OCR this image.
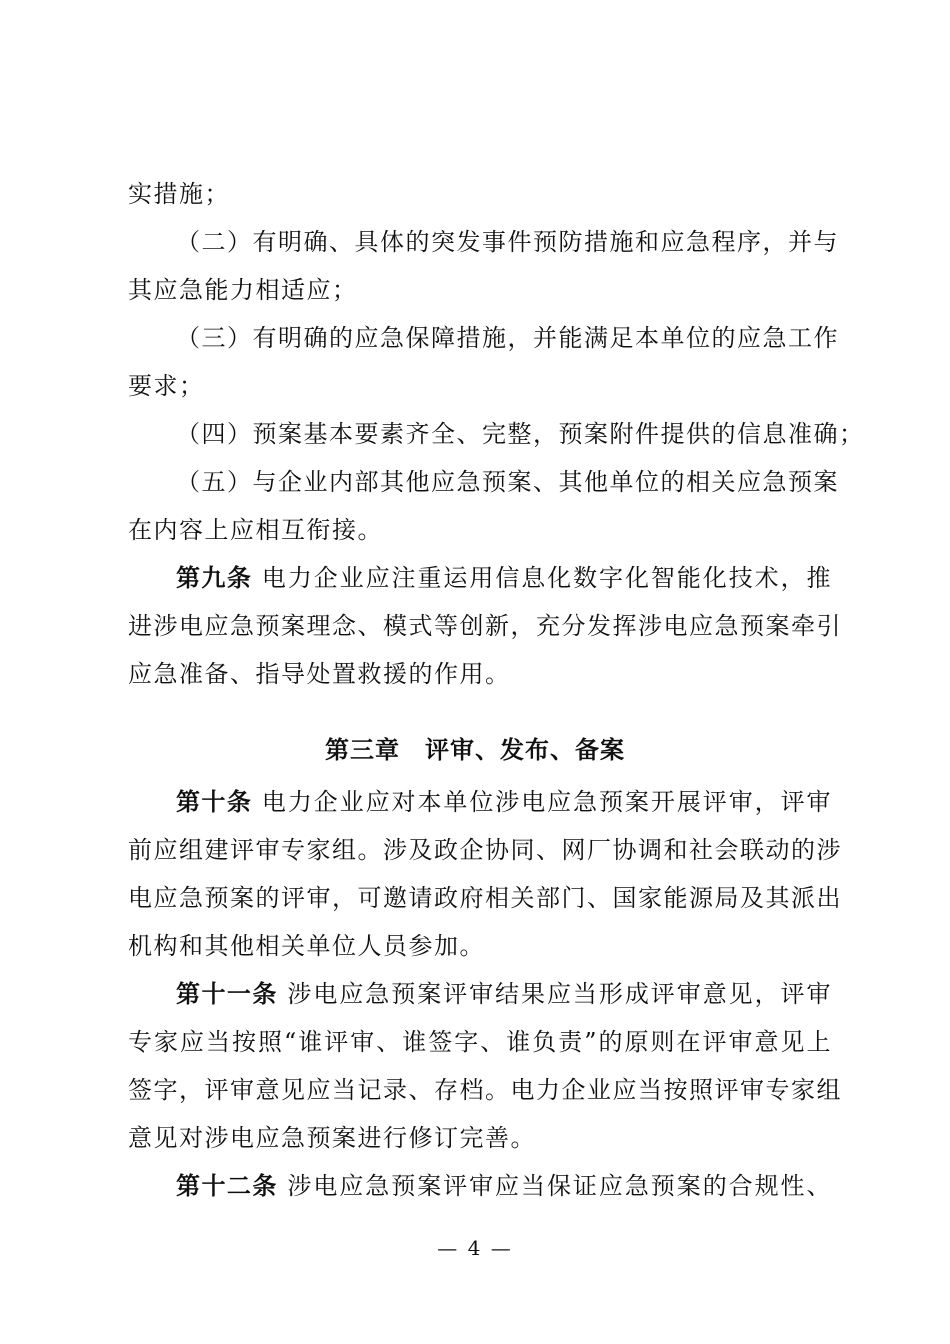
实措施；
（二）有明确、具体的突发事件预防措施和应急程序，并与
其应急能力相适应；
（三）有明确的应急保障措施，并能满足本单位的应急工作
要求；
（四）预案基本要素齐全、完整，预案附件提供的信息准确；
（五）与企业内部其他应急预案、其他单位的相关应急预案
在内容上应相互衔接。
第九条 电力企业应注重运用信息化数字化智能化技术，推
进涉电应急预案理念、模式等创新，充分发挥涉电应急预案牵引
应急准备、指导处置救援的作用。
第三章　评审、发布、备案
第十条 电力企业应对本单位涉电应急预案开展评审，评审
前应组建评审专家组。涉及政企协同、网厂协调和社会联动的涉
电应急预案的评审，可邀请政府相关部门、国家能源局及其派出
机构和其他相关单位人员参加。
第十一条 涉电应急预案评审结果应当形成评审意见，评审
专家应当按照“谁评审、谁签字、谁负责”的原则在评审意见上
签字，评审意见应当记录、存档。电力企业应当按照评审专家组
意见对涉电应急预案进行修订完善。
第十二条 涉电应急预案评审应当保证应急预案的合规性、
— 4 —
